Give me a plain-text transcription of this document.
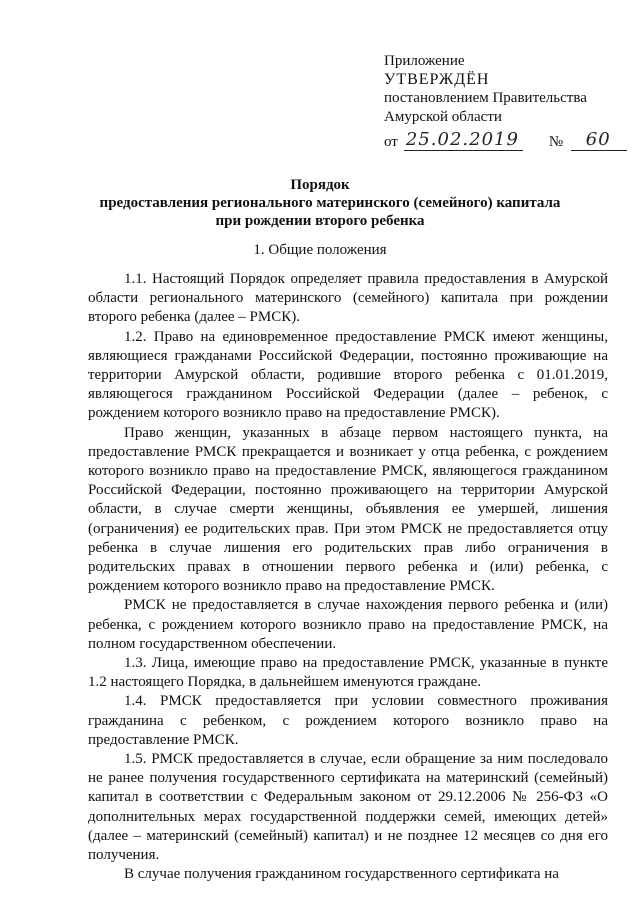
Приложение
УТВЕРЖДЁН
постановлением Правительства
Амурской области
от 25.02.2019 №	60
Порядок
предоставления регионального материнского (семейного) капитала
при рождении второго ребенка
1. Общие положения

1.1. Настоящий Порядок определяет правила предоставления в Амурской области регионального материнского (семейного) капитала при рождении второго ребенка (далее – РМСК).

1.2. Право на единовременное предоставление РМСК имеют женщины, являющиеся гражданами Российской Федерации, постоянно проживающие на территории Амурской области, родившие второго ребенка с 01.01.2019, являющегося гражданином Российской Федерации (далее – ребенок, с рождением которого возникло право на предоставление РМСК).

Право женщин, указанных в абзаце первом настоящего пункта, на предоставление РМСК прекращается и возникает у отца ребенка, с рождением которого возникло право на предоставление РМСК, являющегося гражданином Российской Федерации, постоянно проживающего на территории Амурской области, в случае смерти женщины, объявления ее умершей, лишения (ограничения) ее родительских прав. При этом РМСК не предоставляется отцу ребенка в случае лишения его родительских прав либо ограничения в родительских правах в отношении первого ребенка и (или) ребенка, с рождением которого возникло право на предоставление РМСК.

РМСК не предоставляется в случае нахождения первого ребенка и (или) ребенка, с рождением которого возникло право на предоставление РМСК, на полном государственном обеспечении.

1.3. Лица, имеющие право на предоставление РМСК, указанные в пункте 1.2 настоящего Порядка, в дальнейшем именуются граждане.

1.4. РМСК предоставляется при условии совместного проживания гражданина с ребенком, с рождением которого возникло право на предоставление РМСК.

1.5. РМСК предоставляется в случае, если обращение за ним последовало не ранее получения государственного сертификата на материнский (семейный) капитал в соответствии с Федеральным законом от 29.12.2006 № 256-ФЗ «О дополнительных мерах государственной поддержки семей, имеющих детей» (далее – материнский (семейный) капитал) и не позднее 12 месяцев со дня его получения.

В случае получения гражданином государственного сертификата на
